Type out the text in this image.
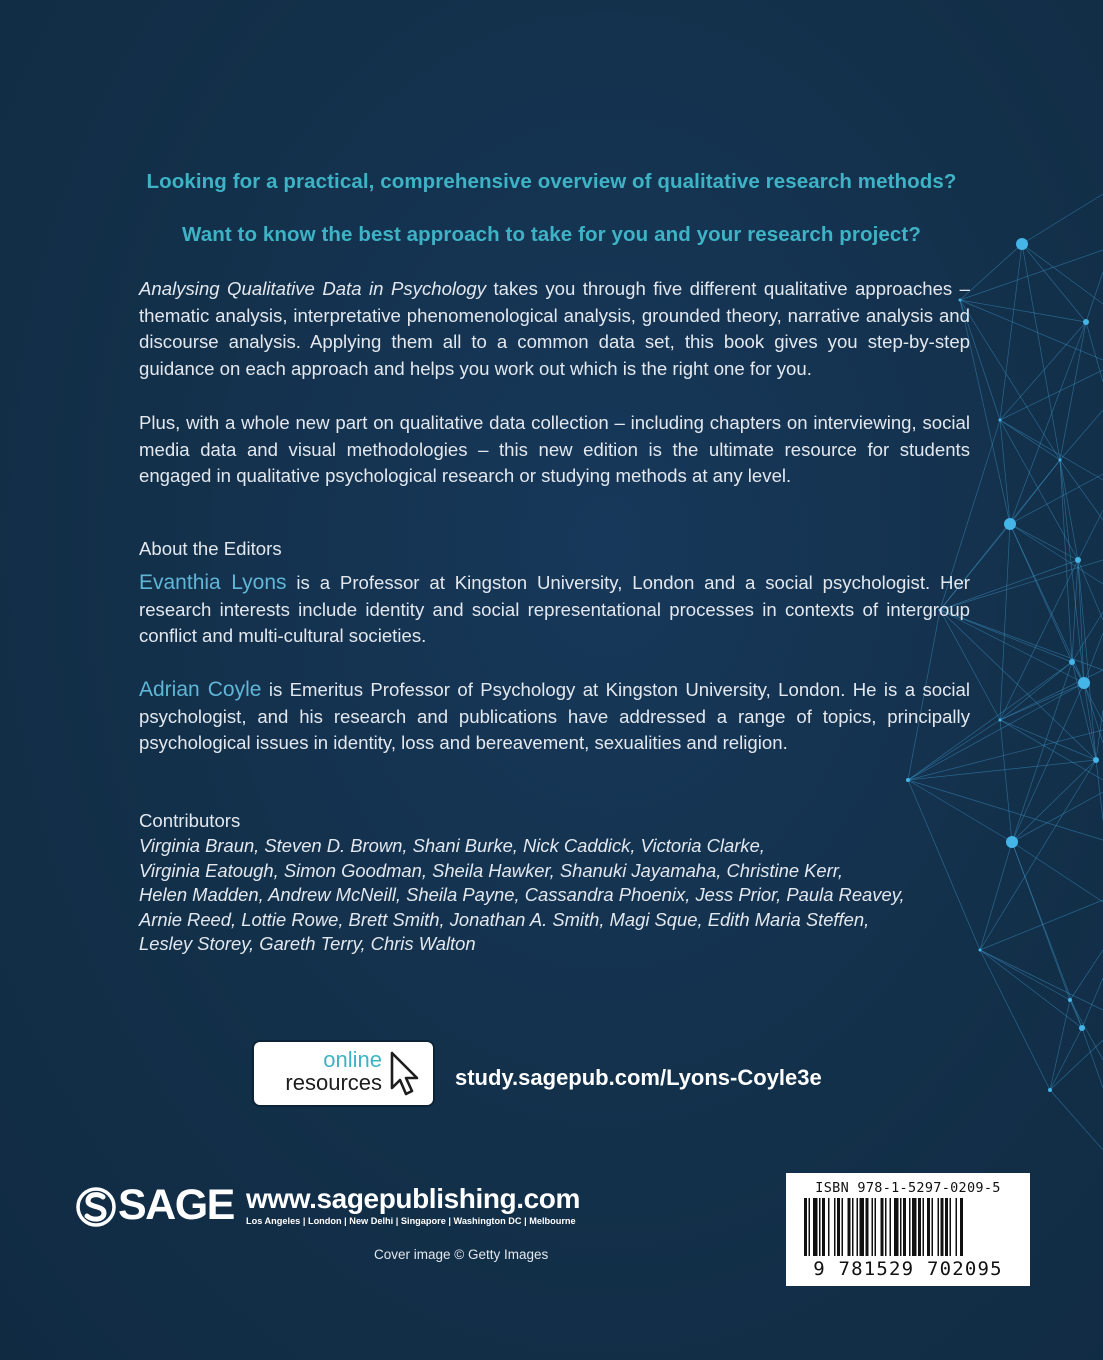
Looking for a practical, comprehensive overview of qualitative research methods?
Want to know the best approach to take for you and your research project?

Analysing Qualitative Data in Psychology takes you through five different qualitative approaches – thematic analysis, interpretative phenomenological analysis, grounded theory, narrative analysis and discourse analysis. Applying them all to a common data set, this book gives you step-by-step guidance on each approach and helps you work out which is the right one for you.

Plus, with a whole new part on qualitative data collection – including chapters on interviewing, social media data and visual methodologies – this new edition is the ultimate resource for students engaged in qualitative psychological research or studying methods at any level.

About the Editors

Evanthia Lyons is a Professor at Kingston University, London and a social psychologist. Her research interests include identity and social representational processes in contexts of intergroup conflict and multi-cultural societies.

Adrian Coyle is Emeritus Professor of Psychology at Kingston University, London. He is a social psychologist, and his research and publications have addressed a range of topics, principally psychological issues in identity, loss and bereavement, sexualities and religion.

Contributors
Virginia Braun, Steven D. Brown, Shani Burke, Nick Caddick, Victoria Clarke,
Virginia Eatough, Simon Goodman, Sheila Hawker, Shanuki Jayamaha, Christine Kerr,
Helen Madden, Andrew McNeill, Sheila Payne, Cassandra Phoenix, Jess Prior, Paula Reavey,
Arnie Reed, Lottie Rowe, Brett Smith, Jonathan A. Smith, Magi Sque, Edith Maria Steffen,
Lesley Storey, Gareth Terry, Chris Walton
online
resources	study.sagepub.com/Lyons-Coyle3e
SAGE www.sagepublishing.com
Los Angeles | London | New Delhi | Singapore | Washington DC | Melbourne
Cover image © Getty Images
ISBN 978-1-5297-0209-5
9 781529 702095
